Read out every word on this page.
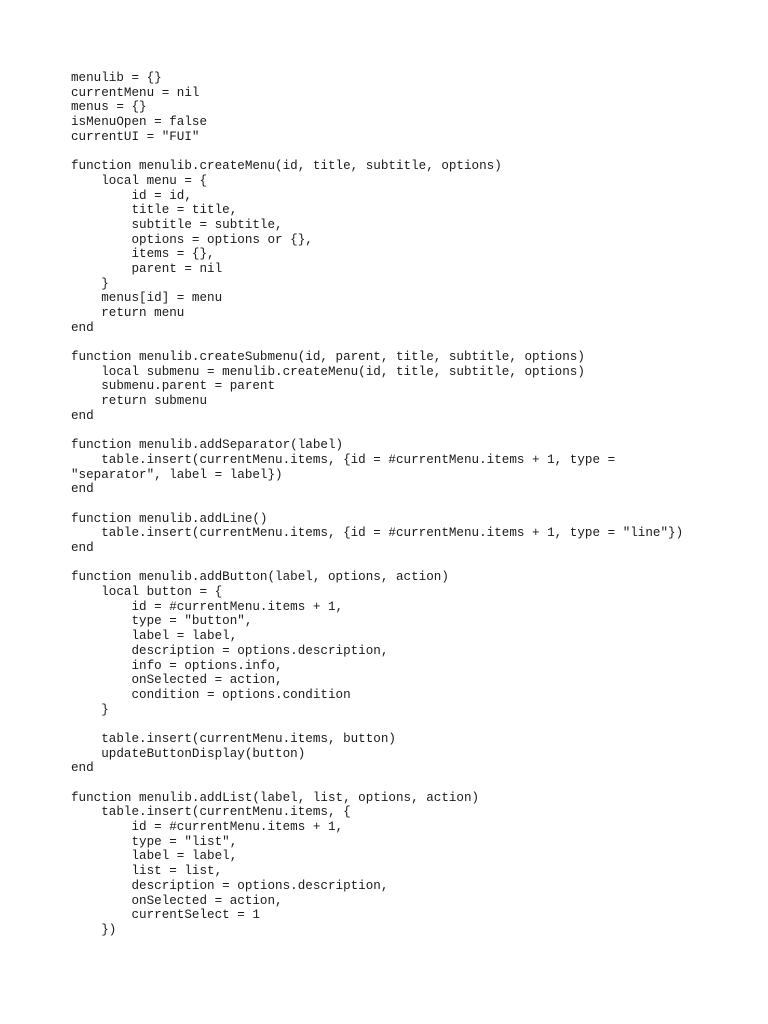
menulib = {}
currentMenu = nil
menus = {}
isMenuOpen = false
currentUI = "FUI"
function menulib.createMenu(id, title, subtitle, options)
local menu = {
id = id,
title = title,
subtitle = subtitle,
options = options or {},
items = {},
parent = nil
}
menus[id] = menu
return menu
end
function menulib.createSubmenu(id, parent, title, subtitle, options)
local submenu = menulib.createMenu(id, title, subtitle, options)
submenu.parent = parent
return submenu
end
function menulib.addSeparator(label)
table.insert(currentMenu.items, {id = #currentMenu.items + 1, type =
"separator", label = label})
end
function menulib.addLine()
table.insert(currentMenu.items, {id = #currentMenu.items + 1, type = "line"})
end
function menulib.addButton(label, options, action)
local button = {
id = #currentMenu.items + 1,
type = "button",
label = label,
description = options.description,
info = options.info,
onSelected = action,
condition = options.condition
}
table.insert(currentMenu.items, button)
updateButtonDisplay(button)
end
function menulib.addList(label, list, options, action)
table.insert(currentMenu.items, {
id = #currentMenu.items + 1,
type = "list",
label = label,
list = list,
description = options.description,
onSelected = action,
currentSelect = 1
})
